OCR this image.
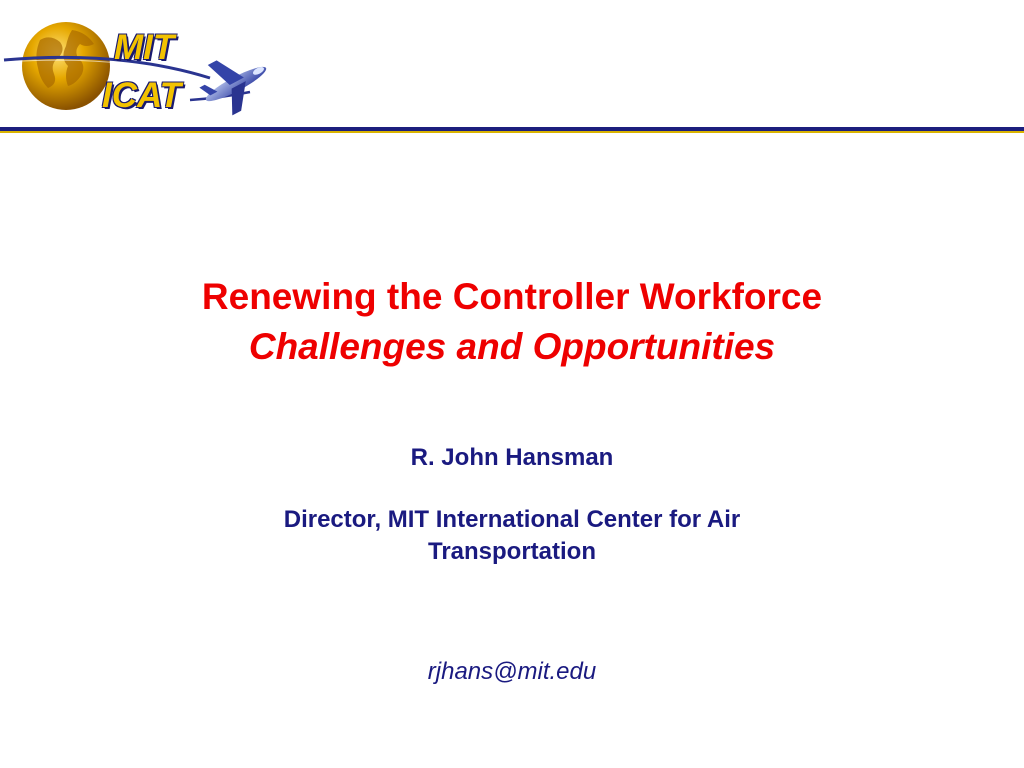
MIT
ICAT
Renewing the Controller Workforce
Challenges and Opportunities
R. John Hansman
Director, MIT International Center for Air Transportation
rjhans@mit.edu
